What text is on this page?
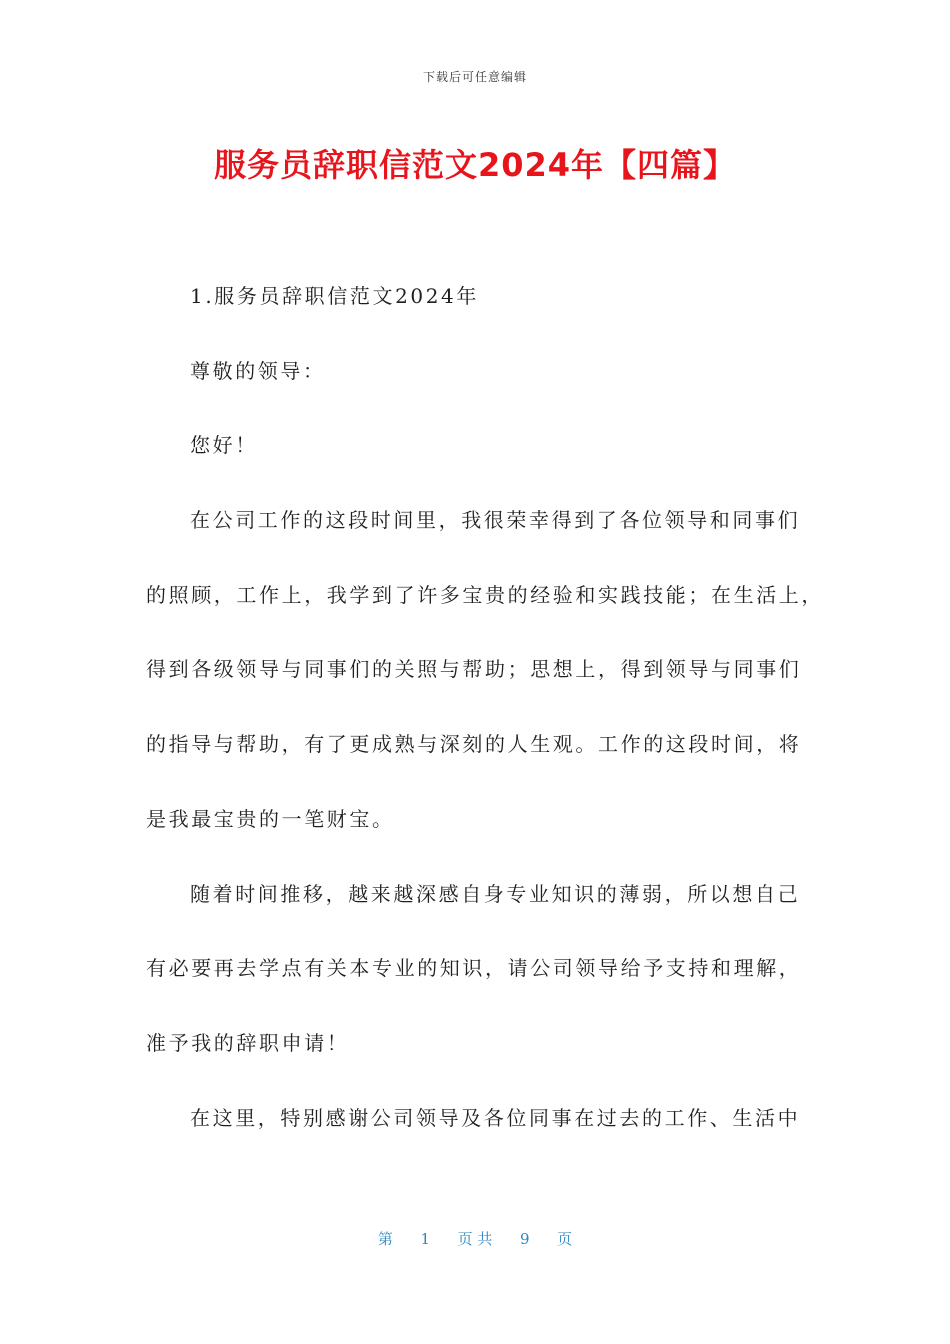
下载后可任意编辑
服务员辞职信范文2024年【四篇】
1.服务员辞职信范文2024年
尊敬的领导：
您好！
在公司工作的这段时间里，我很荣幸得到了各位领导和同事们
的照顾，工作上，我学到了许多宝贵的经验和实践技能；在生活上，
得到各级领导与同事们的关照与帮助；思想上，得到领导与同事们
的指导与帮助，有了更成熟与深刻的人生观。工作的这段时间，将
是我最宝贵的一笔财宝。
随着时间推移，越来越深感自身专业知识的薄弱，所以想自己
有必要再去学点有关本专业的知识，请公司领导给予支持和理解，
准予我的辞职申请！
在这里，特别感谢公司领导及各位同事在过去的工作、生活中
第 1 页 共 9 页
